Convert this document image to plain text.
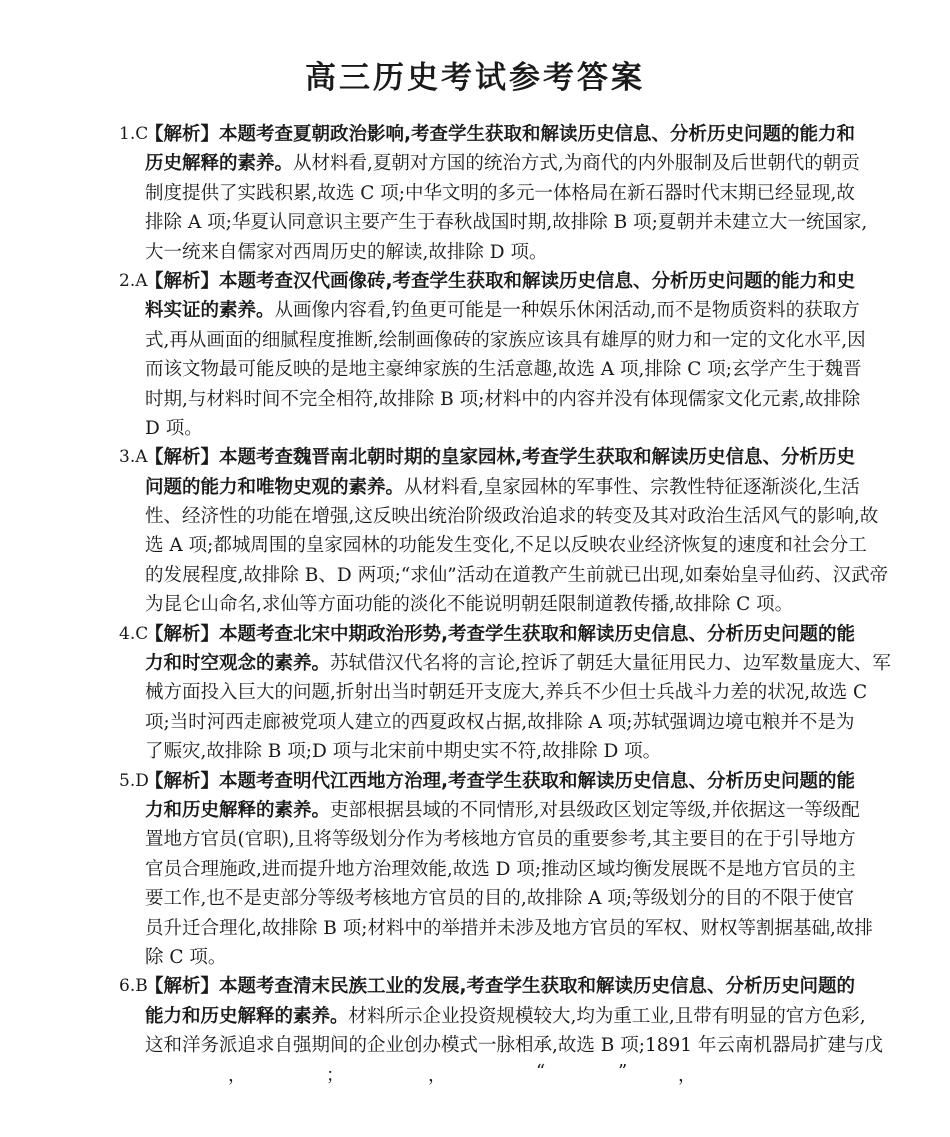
高三历史考试参考答案
1.C
【解析】本题考查夏朝政治影响,考查学生获取和解读历史信息、分析历史问题的能力和
历史解释的素养。从材料看,夏朝对方国的统治方式,为商代的内外服制及后世朝代的朝贡
制度提供了实践积累,故选 C 项;中华文明的多元一体格局在新石器时代末期已经显现,故
排除 A 项;华夏认同意识主要产生于春秋战国时期,故排除 B 项;夏朝并未建立大一统国家,
大一统来自儒家对西周历史的解读,故排除 D 项。
2.A
【解析】本题考查汉代画像砖,考查学生获取和解读历史信息、分析历史问题的能力和史
料实证的素养。从画像内容看,钓鱼更可能是一种娱乐休闲活动,而不是物质资料的获取方
式,再从画面的细腻程度推断,绘制画像砖的家族应该具有雄厚的财力和一定的文化水平,因
而该文物最可能反映的是地主豪绅家族的生活意趣,故选 A 项,排除 C 项;玄学产生于魏晋
时期,与材料时间不完全相符,故排除 B 项;材料中的内容并没有体现儒家文化元素,故排除
D 项。
3.A
【解析】本题考查魏晋南北朝时期的皇家园林,考查学生获取和解读历史信息、分析历史
问题的能力和唯物史观的素养。从材料看,皇家园林的军事性、宗教性特征逐渐淡化,生活
性、经济性的功能在增强,这反映出统治阶级政治追求的转变及其对政治生活风气的影响,故
选 A 项;都城周围的皇家园林的功能发生变化,不足以反映农业经济恢复的速度和社会分工
的发展程度,故排除 B、D 两项;“求仙”活动在道教产生前就已出现,如秦始皇寻仙药、汉武帝
为昆仑山命名,求仙等方面功能的淡化不能说明朝廷限制道教传播,故排除 C 项。
4.C
【解析】本题考查北宋中期政治形势,考查学生获取和解读历史信息、分析历史问题的能
力和时空观念的素养。苏轼借汉代名将的言论,控诉了朝廷大量征用民力、边军数量庞大、军
械方面投入巨大的问题,折射出当时朝廷开支庞大,养兵不少但士兵战斗力差的状况,故选 C
项;当时河西走廊被党项人建立的西夏政权占据,故排除 A 项;苏轼强调边境屯粮并不是为
了赈灾,故排除 B 项;D 项与北宋前中期史实不符,故排除 D 项。
5.D
【解析】本题考查明代江西地方治理,考查学生获取和解读历史信息、分析历史问题的能
力和历史解释的素养。吏部根据县域的不同情形,对县级政区划定等级,并依据这一等级配
置地方官员(官职),且将等级划分作为考核地方官员的重要参考,其主要目的在于引导地方
官员合理施政,进而提升地方治理效能,故选 D 项;推动区域均衡发展既不是地方官员的主
要工作,也不是吏部分等级考核地方官员的目的,故排除 A 项;等级划分的目的不限于使官
员升迁合理化,故排除 B 项;材料中的举措并未涉及地方官员的军权、财权等割据基础,故排
除 C 项。
6.B
【解析】本题考查清末民族工业的发展,考查学生获取和解读历史信息、分析历史问题的
能力和历史解释的素养。材料所示企业投资规模较大,均为重工业,且带有明显的官方色彩,
这和洋务派追求自强期间的企业创办模式一脉相承,故选 B 项;1891 年云南机器局扩建与戊
，	；	，	“	”	，
